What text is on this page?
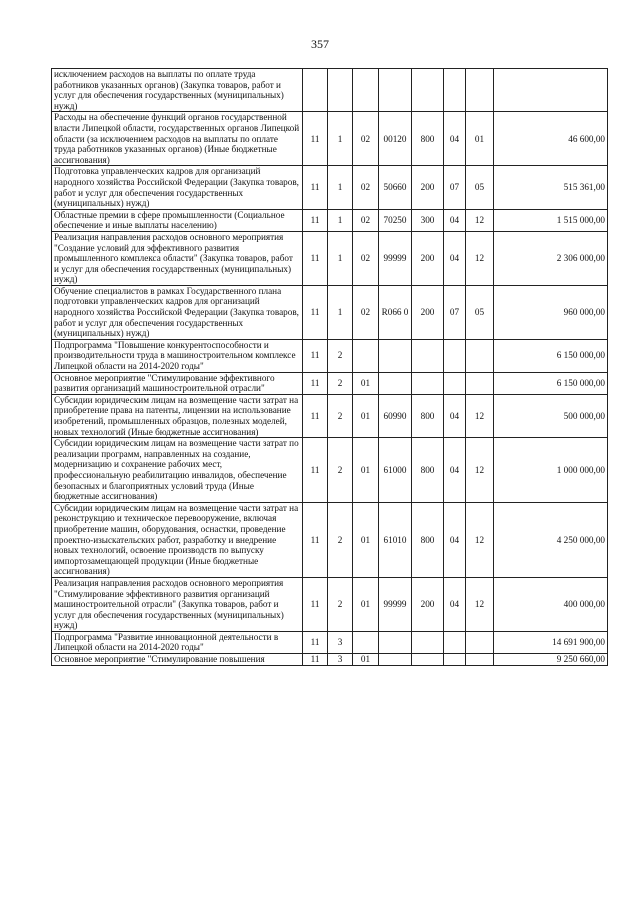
357
исключением расходов на выплаты по оплате труда работников указанных органов) (Закупка товаров, работ и услуг для обеспечения государственных (муниципальных) нужд)								
Расходы на обеспечение функций органов государственной власти Липецкой области, государственных органов Липецкой области (за исключением расходов на выплаты по оплате труда работников указанных органов) (Иные бюджетные ассигнования)	11	1	02	00120	800	04	01	46 600,00
Подготовка управленческих кадров для организаций народного хозяйства Российской Федерации (Закупка товаров, работ и услуг для обеспечения государственных (муниципальных) нужд)	11	1	02	50660	200	07	05	515 361,00
Областные премии в сфере промышленности (Социальное обеспечение и иные выплаты населению)	11	1	02	70250	300	04	12	1 515 000,00
Реализация направления расходов основного мероприятия "Создание условий для эффективного развития промышленного комплекса области" (Закупка товаров, работ и услуг для обеспечения государственных (муниципальных) нужд)	11	1	02	99999	200	04	12	2 306 000,00
Обучение специалистов в рамках Государственного плана подготовки управленческих кадров для организаций народного хозяйства Российской Федерации (Закупка товаров, работ и услуг для обеспечения государственных (муниципальных) нужд)	11	1	02	R066 0	200	07	05	960 000,00
Подпрограмма "Повышение конкурентоспособности и производительности труда в машиностроительном комплексе Липецкой области на 2014-2020 годы"	11	2						6 150 000,00
Основное мероприятие "Стимулирование эффективного развития организаций машиностроительной отрасли"	11	2	01					6 150 000,00
Субсидии юридическим лицам на возмещение части затрат на приобретение права на патенты, лицензии на использование изобретений, промышленных образцов, полезных моделей, новых технологий (Иные бюджетные ассигнования)	11	2	01	60990	800	04	12	500 000,00
Субсидии юридическим лицам на возмещение части затрат по реализации программ, направленных на создание, модернизацию и сохранение рабочих мест, профессиональную реабилитацию инвалидов, обеспечение безопасных и благоприятных условий труда (Иные бюджетные ассигнования)	11	2	01	61000	800	04	12	1 000 000,00
Субсидии юридическим лицам на возмещение части затрат на реконструкцию и техническое перевооружение, включая приобретение машин, оборудования, оснастки, проведение проектно-изыскательских работ, разработку и внедрение новых технологий, освоение производств по выпуску импортозамещающей продукции (Иные бюджетные ассигнования)	11	2	01	61010	800	04	12	4 250 000,00
Реализация направления расходов основного мероприятия "Стимулирование эффективного развития организаций машиностроительной отрасли" (Закупка товаров, работ и услуг для обеспечения государственных (муниципальных) нужд)	11	2	01	99999	200	04	12	400 000,00
Подпрограмма "Развитие инновационной деятельности в Липецкой области на 2014-2020 годы"	11	3						14 691 900,00
Основное мероприятие "Стимулирование повышения	11	3	01					9 250 660,00
